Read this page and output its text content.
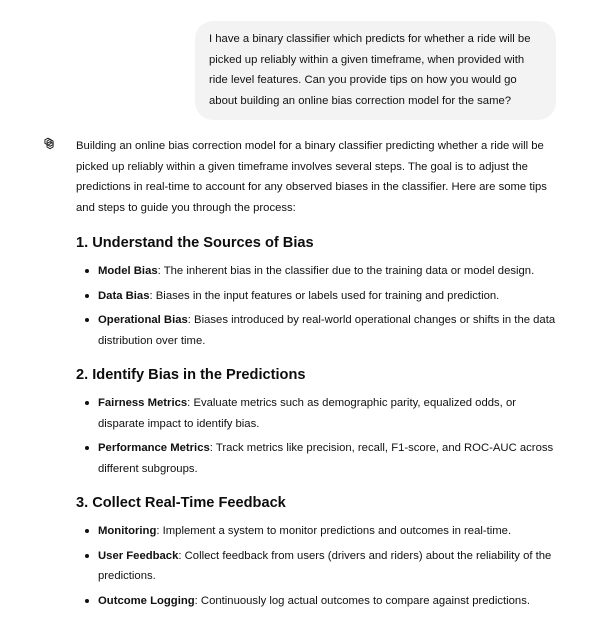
I have a binary classifier which predicts for whether a ride will be picked up reliably within a given timeframe, when provided with ride level features. Can you provide tips on how you would go about building an online bias correction model for the same?

Building an online bias correction model for a binary classifier predicting whether a ride will be picked up reliably within a given timeframe involves several steps. The goal is to adjust the predictions in real-time to account for any observed biases in the classifier. Here are some tips and steps to guide you through the process:

1. Understand the Sources of Bias
Model Bias: The inherent bias in the classifier due to the training data or model design.
Data Bias: Biases in the input features or labels used for training and prediction.
Operational Bias: Biases introduced by real-world operational changes or shifts in the data distribution over time.
2. Identify Bias in the Predictions
Fairness Metrics: Evaluate metrics such as demographic parity, equalized odds, or disparate impact to identify bias.
Performance Metrics: Track metrics like precision, recall, F1-score, and ROC-AUC across different subgroups.
3. Collect Real-Time Feedback
Monitoring: Implement a system to monitor predictions and outcomes in real-time.
User Feedback: Collect feedback from users (drivers and riders) about the reliability of the predictions.
Outcome Logging: Continuously log actual outcomes to compare against predictions.
